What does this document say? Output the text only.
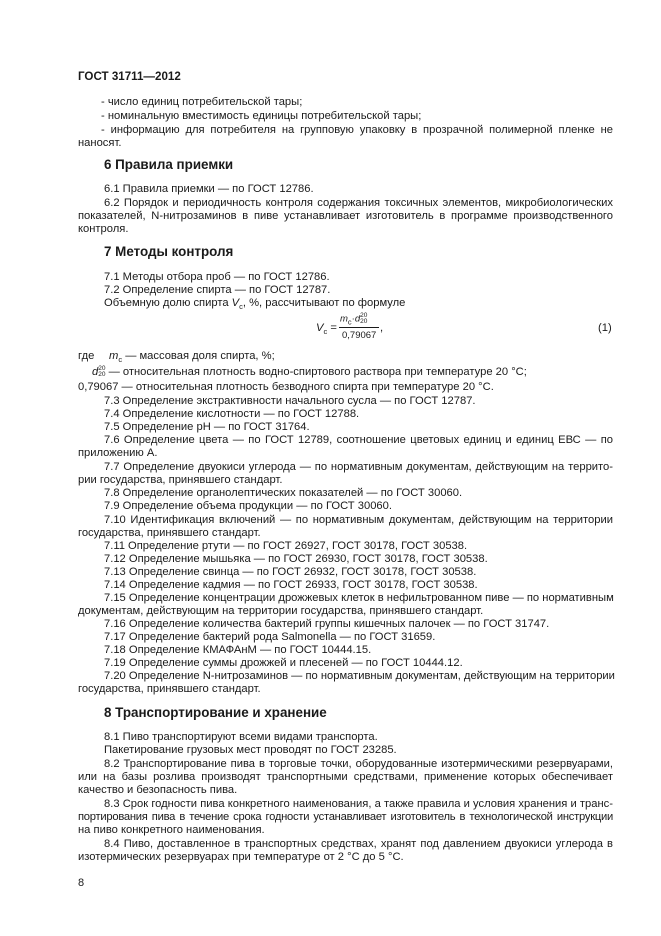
ГОСТ 31711—2012
- число единиц потребительской тары;
- номинальную вместимость единицы потребительской тары;
- информацию для потребителя на групповую упаковку в прозрачной полимерной пленке не
наносят.
6 Правила приемки
6.1 Правила приемки — по ГОСТ 12786.
6.2 Порядок и периодичность контроля содержания токсичных элементов, микробиологических
показателей, N-нитрозаминов в пиве устанавливает изготовитель в программе производственного
контроля.
7 Методы контроля
7.1 Методы отбора проб — по ГОСТ 12786.
7.2 Определение спирта — по ГОСТ 12787.
Объемную долю спирта $V_c$, %, рассчитывают по формуле
$V_c$ =
$m_c\cdot d$ 20
20
0,79067
,	(1)
где $m_c$ — массовая доля спирта, %;
d 20
20 — относительная плотность водно-спиртового раствора при температуре 20 °С;
0,79067 — относительная плотность безводного спирта при температуре 20 °С.
7.3 Определение экстрактивности начального сусла — по ГОСТ 12787.
7.4 Определение кислотности — по ГОСТ 12788.
7.5 Определение рН — по ГОСТ 31764.
7.6 Определение цвета — по ГОСТ 12789, соотношение цветовых единиц и единиц ЕВС — по
приложению А.
7.7 Определение двуокиси углерода — по нормативным документам, действующим на террито-
рии государства, принявшего стандарт.
7.8 Определение органолептических показателей — по ГОСТ 30060.
7.9 Определение объема продукции — по ГОСТ 30060.
7.10 Идентификация включений — по нормативным документам, действующим на территории
государства, принявшего стандарт.
7.11 Определение ртути — по ГОСТ 26927, ГОСТ 30178, ГОСТ 30538.
7.12 Определение мышьяка — по ГОСТ 26930, ГОСТ 30178, ГОСТ 30538.
7.13 Определение свинца — по ГОСТ 26932, ГОСТ 30178, ГОСТ 30538.
7.14 Определение кадмия — по ГОСТ 26933, ГОСТ 30178, ГОСТ 30538.
7.15 Определение концентрации дрожжевых клеток в нефильтрованном пиве — по нормативным
документам, действующим на территории государства, принявшего стандарт.
7.16 Определение количества бактерий группы кишечных палочек — по ГОСТ 31747.
7.17 Определение бактерий рода Salmonella — по ГОСТ 31659.
7.18 Определение КМАФАнМ — по ГОСТ 10444.15.
7.19 Определение суммы дрожжей и плесеней — по ГОСТ 10444.12.
7.20 Определение N-нитрозаминов — по нормативным документам, действующим на территории
государства, принявшего стандарт.
8 Транспортирование и хранение
8.1 Пиво транспортируют всеми видами транспорта.
Пакетирование грузовых мест проводят по ГОСТ 23285.
8.2 Транспортирование пива в торговые точки, оборудованные изотермическими резервуарами,
или на базы розлива производят транспортными средствами, применение которых обеспечивает
качество и безопасность пива.
8.3 Срок годности пива конкретного наименования, а также правила и условия хранения и транс-
портирования пива в течение срока годности устанавливает изготовитель в технологической инструкции
на пиво конкретного наименования.
8.4 Пиво, доставленное в транспортных средствах, хранят под давлением двуокиси углерода в
изотермических резервуарах при температуре от 2 °С до 5 °С.
8
